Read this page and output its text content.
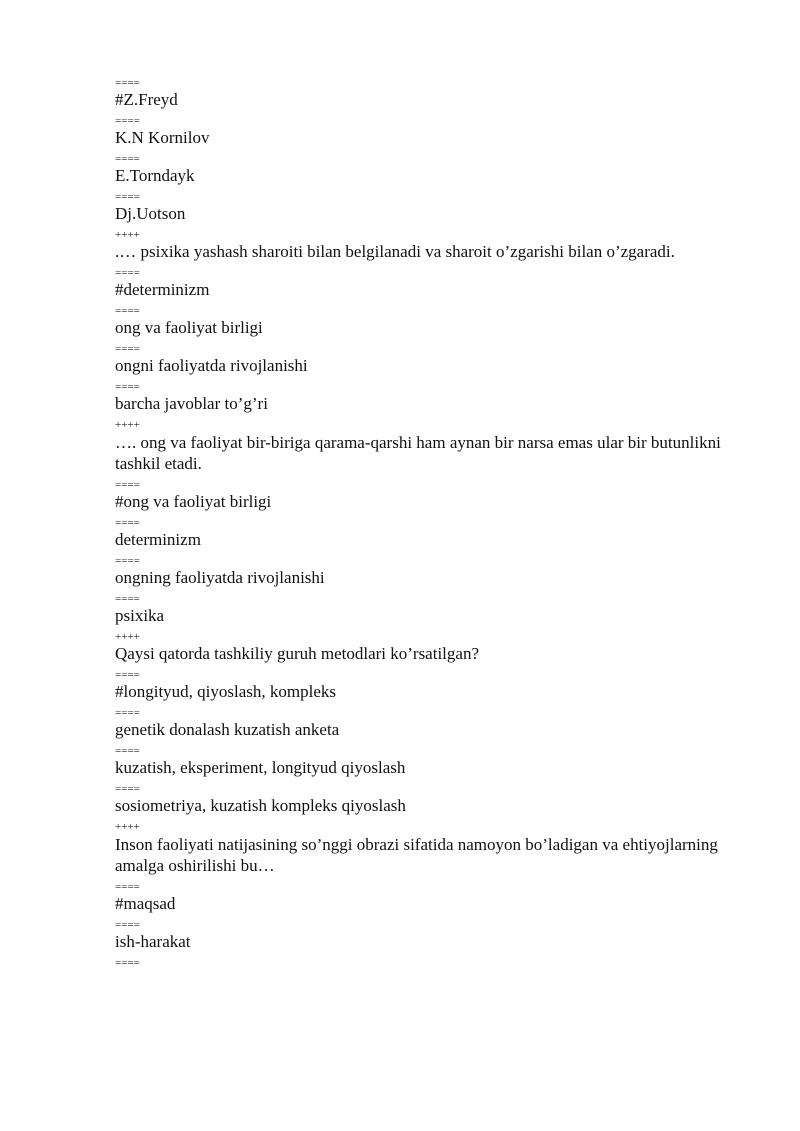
====
#Z.Freyd
====
K.N Kornilov
====
E.Torndayk
====
Dj.Uotson
++++
.… psixika yashash sharoiti bilan belgilanadi va sharoit o’zgarishi bilan o’zgaradi.
====
#determinizm
====
ong va faoliyat birligi
====
ongni faoliyatda rivojlanishi
====
barcha javoblar to’g’ri
++++
…. ong va faoliyat bir-biriga qarama-qarshi ham aynan bir narsa emas ular bir butunlikni tashkil etadi.
====
#ong va faoliyat birligi
====
determinizm
====
ongning faoliyatda rivojlanishi
====
psixika
++++
Qaysi qatorda tashkiliy guruh metodlari ko’rsatilgan?
====
#longityud, qiyoslash, kompleks
====
genetik donalash kuzatish anketa
====
kuzatish, eksperiment, longityud qiyoslash
====
sosiometriya, kuzatish kompleks qiyoslash
++++
Inson faoliyati natijasining so’nggi obrazi sifatida namoyon bo’ladigan va ehtiyojlarning amalga oshirilishi bu…
====
#maqsad
====
ish-harakat
====
